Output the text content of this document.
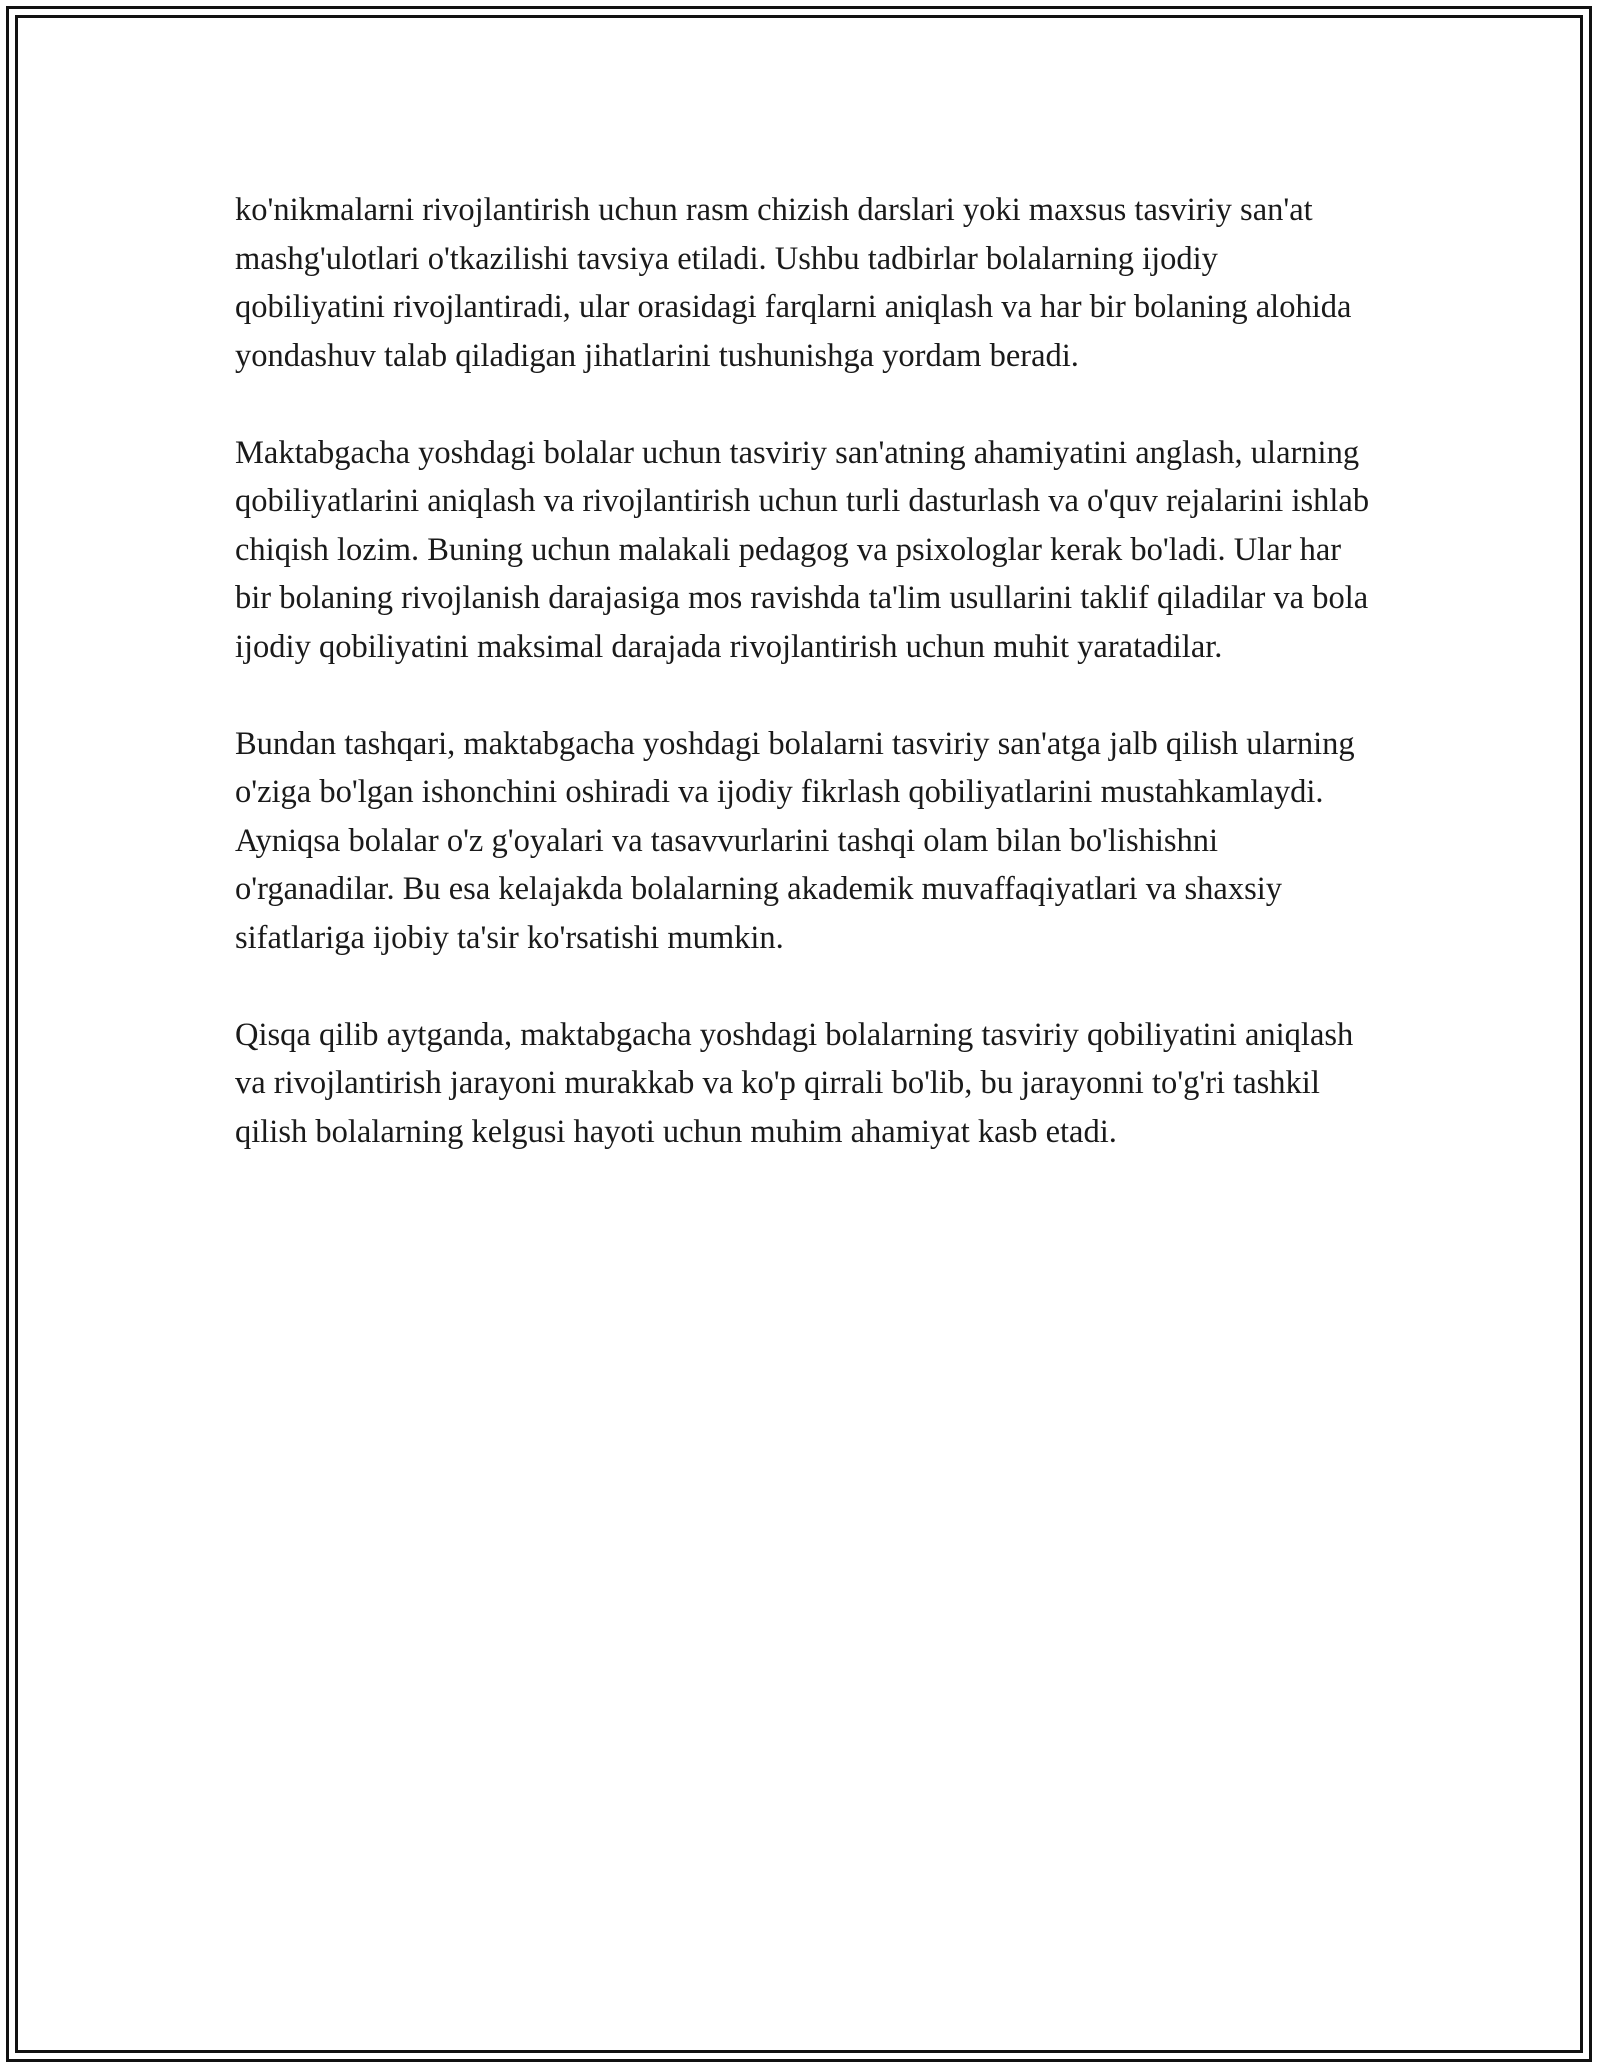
ko'nikmalarni rivojlantirish uchun rasm chizish darslari yoki maxsus tasviriy san'at mashg'ulotlari o'tkazilishi tavsiya etiladi. Ushbu tadbirlar bolalarning ijodiy qobiliyatini rivojlantiradi, ular orasidagi farqlarni aniqlash va har bir bolaning alohida yondashuv talab qiladigan jihatlarini tushunishga yordam beradi.

Maktabgacha yoshdagi bolalar uchun tasviriy san'atning ahamiyatini anglash, ularning qobiliyatlarini aniqlash va rivojlantirish uchun turli dasturlash va o'quv rejalarini ishlab chiqish lozim. Buning uchun malakali pedagog va psixologlar kerak bo'ladi. Ular har bir bolaning rivojlanish darajasiga mos ravishda ta'lim usullarini taklif qiladilar va bola ijodiy qobiliyatini maksimal darajada rivojlantirish uchun muhit yaratadilar.

Bundan tashqari, maktabgacha yoshdagi bolalarni tasviriy san'atga jalb qilish ularning o'ziga bo'lgan ishonchini oshiradi va ijodiy fikrlash qobiliyatlarini mustahkamlaydi. Ayniqsa bolalar o'z g'oyalari va tasavvurlarini tashqi olam bilan bo'lishishni o'rganadilar. Bu esa kelajakda bolalarning akademik muvaffaqiyatlari va shaxsiy sifatlariga ijobiy ta'sir ko'rsatishi mumkin.

Qisqa qilib aytganda, maktabgacha yoshdagi bolalarning tasviriy qobiliyatini aniqlash va rivojlantirish jarayoni murakkab va ko'p qirrali bo'lib, bu jarayonni to'g'ri tashkil qilish bolalarning kelgusi hayoti uchun muhim ahamiyat kasb etadi.
